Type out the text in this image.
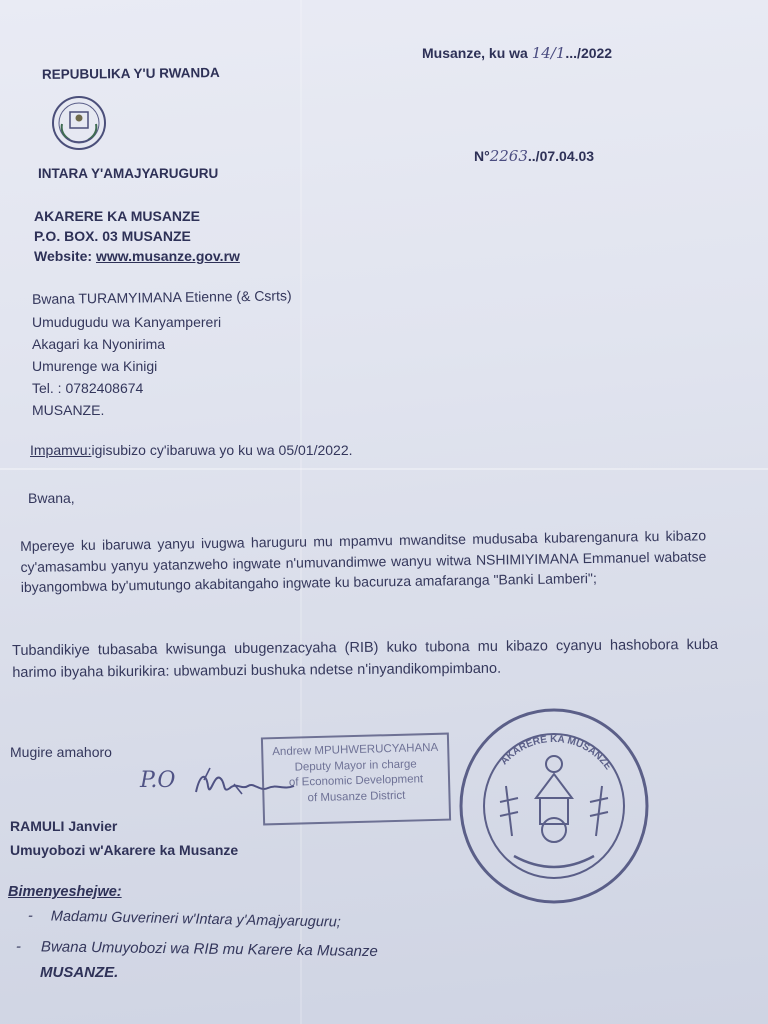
Musanze, ku wa 14/1.../2022
REPUBULIKA Y'U RWANDA
N°2263../07.04.03
INTARA Y'AMAJYARUGURU
AKARERE KA MUSANZE
P.O. BOX. 03 MUSANZE
Website: www.musanze.gov.rw
Bwana TURAMYIMANA Etienne (& Csrts)
Umudugudu wa Kanyampereri
Akagari ka Nyonirima
Umurenge wa Kinigi
Tel. : 0782408674
MUSANZE.
Impamvu:igisubizo cy'ibaruwa yo ku wa 05/01/2022.
Bwana,
Mpereye ku ibaruwa yanyu ivugwa haruguru mu mpamvu mwanditse mudusaba kubarenganura ku kibazo cy'amasambu yanyu yatanzweho ingwate n'umuvandimwe wanyu witwa NSHIMIYIMANA Emmanuel wabatse ibyangombwa by'umutungo akabitangaho ingwate ku bacuruza amafaranga "Banki Lamberi";
Tubandikiye tubasaba kwisunga ubugenzacyaha (RIB) kuko tubona mu kibazo cyanyu hashobora kuba harimo ibyaha bikurikira: ubwambuzi bushuka ndetse n'inyandikompimbano.
Mugire amahoro
P.O
Andrew MPUHWERUCYAHANA
Deputy Mayor in charge
of Economic Development
of Musanze District
RAMULI Janvier
Umuyobozi w'Akarere ka Musanze
AKARERE KA MUSANZE
Bimenyeshejwe:
- Madamu Guverineri w'Intara y'Amajyaruguru;
- Bwana Umuyobozi wa RIB mu Karere ka Musanze
MUSANZE.
